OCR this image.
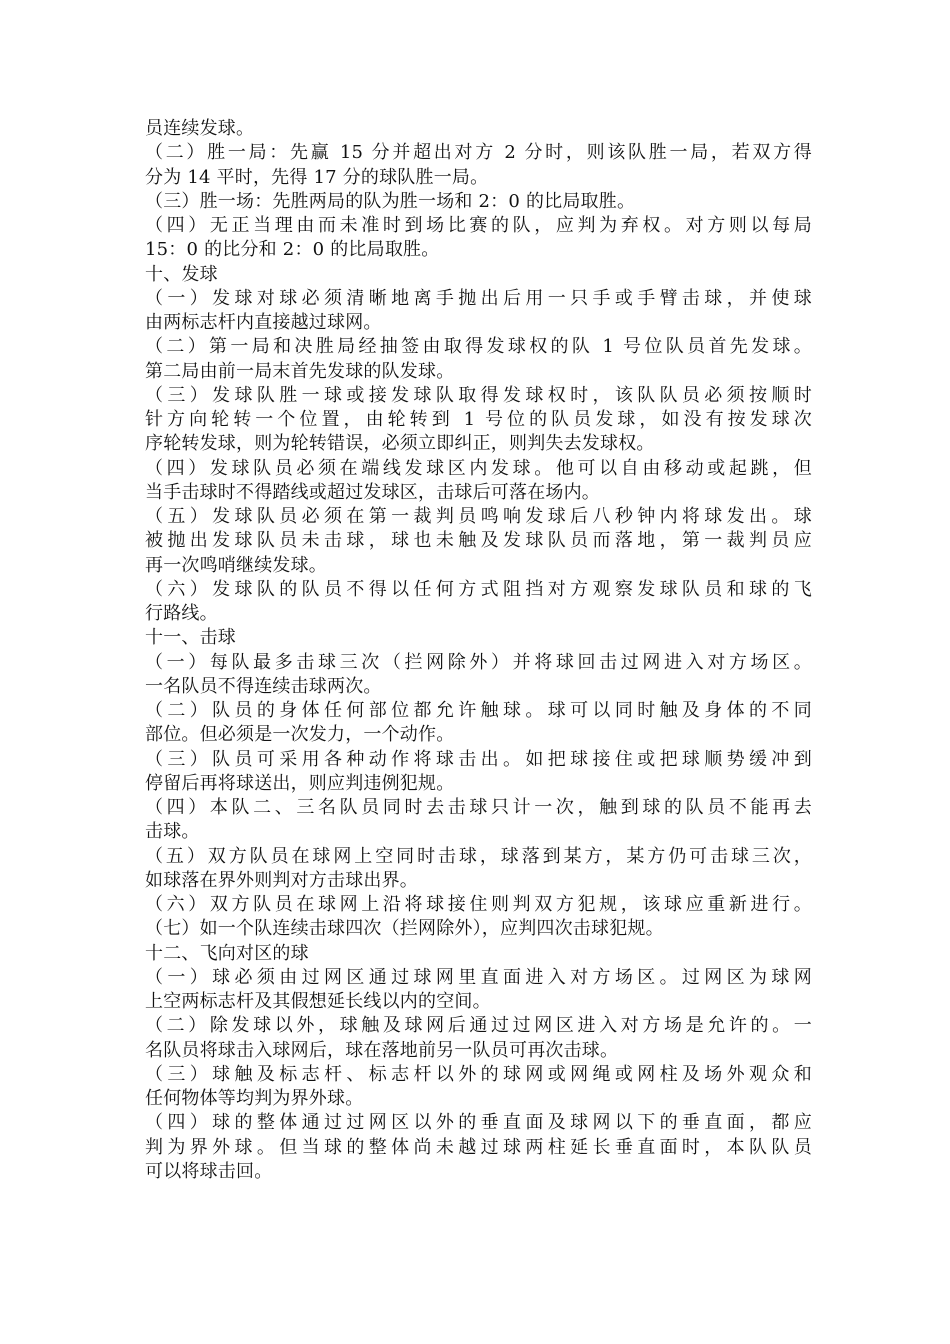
员连续发球。
（二）胜一局：先赢 15 分并超出对方 2 分时，则该队胜一局，若双方得
分为 14 平时，先得 17 分的球队胜一局。
（三）胜一场：先胜两局的队为胜一场和 2：0 的比局取胜。
（四）无正当理由而未准时到场比赛的队，应判为弃权。对方则以每局
15：0 的比分和 2：0 的比局取胜。
十、发球
（一）发球对球必须清晰地离手抛出后用一只手或手臂击球，并使球
由两标志杆内直接越过球网。
（二）第一局和决胜局经抽签由取得发球权的队 1 号位队员首先发球。
第二局由前一局末首先发球的队发球。
（三）发球队胜一球或接发球队取得发球权时，该队队员必须按顺时
针方向轮转一个位置，由轮转到 1 号位的队员发球，如没有按发球次
序轮转发球，则为轮转错误，必须立即纠正，则判失去发球权。
（四）发球队员必须在端线发球区内发球。他可以自由移动或起跳，但
当手击球时不得踏线或超过发球区，击球后可落在场内。
（五）发球队员必须在第一裁判员鸣响发球后八秒钟内将球发出。球
被抛出发球队员未击球，球也未触及发球队员而落地，第一裁判员应
再一次鸣哨继续发球。
（六）发球队的队员不得以任何方式阻挡对方观察发球队员和球的飞
行路线。
十一、击球
（一）每队最多击球三次（拦网除外）并将球回击过网进入对方场区。
一名队员不得连续击球两次。
（二）队员的身体任何部位都允许触球。球可以同时触及身体的不同
部位。但必须是一次发力，一个动作。
（三）队员可采用各种动作将球击出。如把球接住或把球顺势缓冲到
停留后再将球送出，则应判违例犯规。
（四）本队二、三名队员同时去击球只计一次，触到球的队员不能再去
击球。
（五）双方队员在球网上空同时击球，球落到某方，某方仍可击球三次，
如球落在界外则判对方击球出界。
（六）双方队员在球网上沿将球接住则判双方犯规，该球应重新进行。
（七）如一个队连续击球四次（拦网除外），应判四次击球犯规。
十二、飞向对区的球
（一）球必须由过网区通过球网里直面进入对方场区。过网区为球网
上空两标志杆及其假想延长线以内的空间。
（二）除发球以外，球触及球网后通过过网区进入对方场是允许的。一
名队员将球击入球网后，球在落地前另一队员可再次击球。
（三）球触及标志杆、标志杆以外的球网或网绳或网柱及场外观众和
任何物体等均判为界外球。
（四）球的整体通过过网区以外的垂直面及球网以下的垂直面，都应
判为界外球。但当球的整体尚未越过球两柱延长垂直面时，本队队员
可以将球击回。
